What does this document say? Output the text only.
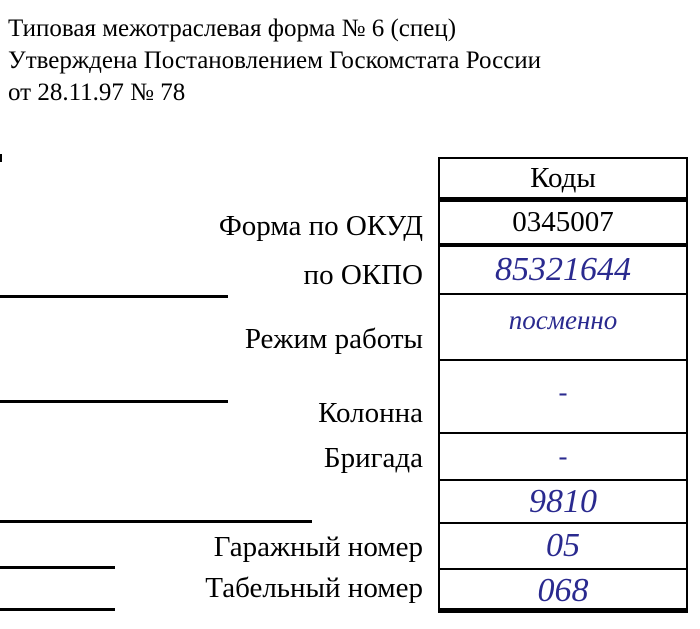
Типовая межотраслевая форма № 6 (спец)
Утверждена Постановлением Госкомстата России
от 28.11.97 № 78
Форма по ОКУД
по ОКПО
Режим работы
Колонна
Бригада
Гаражный номер
Табельный номер
Коды
0345007
85321644
посменно
-
-
9810
05
068
